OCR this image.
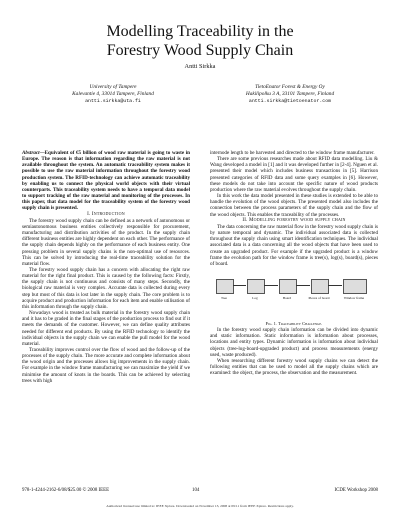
Modelling Traceability in the
Forestry Wood Supply Chain
Antti Sirkka
University of Tampere
Kalevantie 4, 33014 Tampere, Finland
antti.sirkka@uta.fi
TietoEnator Forest & Energy Oy
Hakilipolku 3 A, 33101 Tampere, Finland
antti.sirkka@tietoenator.com

Abstract—Equivalent of €5 billion of wood raw material is going to waste in Europe. The reason is that information regarding the raw material is not available throughout the system. An automatic traceability system makes it possible to use the raw material information throughout the forestry wood production system. The RFID-technology can achieve automatic traceability by enabling us to connect the physical world objects with their virtual counterparts. This traceability system needs to have a temporal data model to support tracking of the raw material and monitoring of the processes. In this paper, that data model for the traceability system of the forestry wood supply chain is presented.

I. Introduction

The forestry wood supply chain can be defined as a network of autonomous or semiautonomous business entities collectively responsible for procurement, manufacturing and distribution activities of the product. In the supply chain different business entities are highly dependent on each other. The performance of the supply chain depends highly on the performance of each business entity. One pressing problem in several supply chains is the non-optimal use of resources. This can be solved by introducing the real-time traceability solution for the material flow.

The forestry wood supply chain has a concern with allocating the right raw material for the right final product. This is caused by the following facts: Firstly, the supply chain is not continuous and consists of many steps. Secondly, the biological raw material is very complex. Accurate data is collected during every step but most of this data is lost later in the supply chain. The core problem is to acquire product and production information for each item and enable utilisation of this information through the supply chain.

Nowadays wood is treated as bulk material in the forestry wood supply chain and it has to be graded in the final stages of the production process to find out if it meets the demands of the customer. However, we can define quality attributes needed for different end products. By using the RFID technology to identify the individual objects in the supply chain we can enable the pull model for the wood material.

Traceability improves control over the flow of wood and the follow-up of the processes of the supply chain. The more accurate and complete information about the wood origin and the processes allows big improvements in the supply chain. For example in the window frame manufacturing we can maximize the yield if we minimise the amount of knots in the boards. This can be achieved by selecting trees with high

internode length to be harvested and directed to the window frame manufacturer.

There are some previous researches made about RFID data modelling. Liu & Wang developed a model in [1] and it was developed further in [2-4]. Nguen et al. presented their model which includes business transactions in [5]. Harrison presented categories of RFID data and some query examples in [6]. However, these models do not take into account the specific nature of wood products production where the raw material evolves throughout the supply chain.

In this work the data model presented in these studies is extended to be able to handle the evolution of the wood objects. The presented model also includes the connection between the process parameters of the supply chain and the flow of the wood objects. This enables the traceability of the processes.

II. Modelling forestry wood supply chain

The data concerning the raw material flow in the forestry wood supply chain is by nature temporal and dynamic. The individual associated data is collected throughout the supply chain using smart identification techniques. The individual associated data is a data concerning all the wood objects that have been used to create an upgraded product. For example if the upgraded product is a window frame the evolution path for the window frame is tree(s), log(s), board(s), pieces of board.

Tree	Log	Board	Pieces of board	Window frame

Fig. 1. Traceability Challenge.

In the forestry wood supply chain information can be divided into dynamic and static information. Static information is information about processes, locations and entity types. Dynamic information is information about individual objects (tree-log-board-upgraded product) and process measurements (energy used, waste produced).

When researching different forestry wood supply chains we can detect the following entities that can be used to model all the supply chains which are examined: the object, the process, the observation and the measurement.

978-1-4244-2162-6/08/$25.00 © 2008 IEEE	104	ICDE Workshop 2008
Authorized licensed use limited to: IEEE Xplore. Downloaded on November 13, 2008 at 09:11 from IEEE Xplore. Restrictions apply.
